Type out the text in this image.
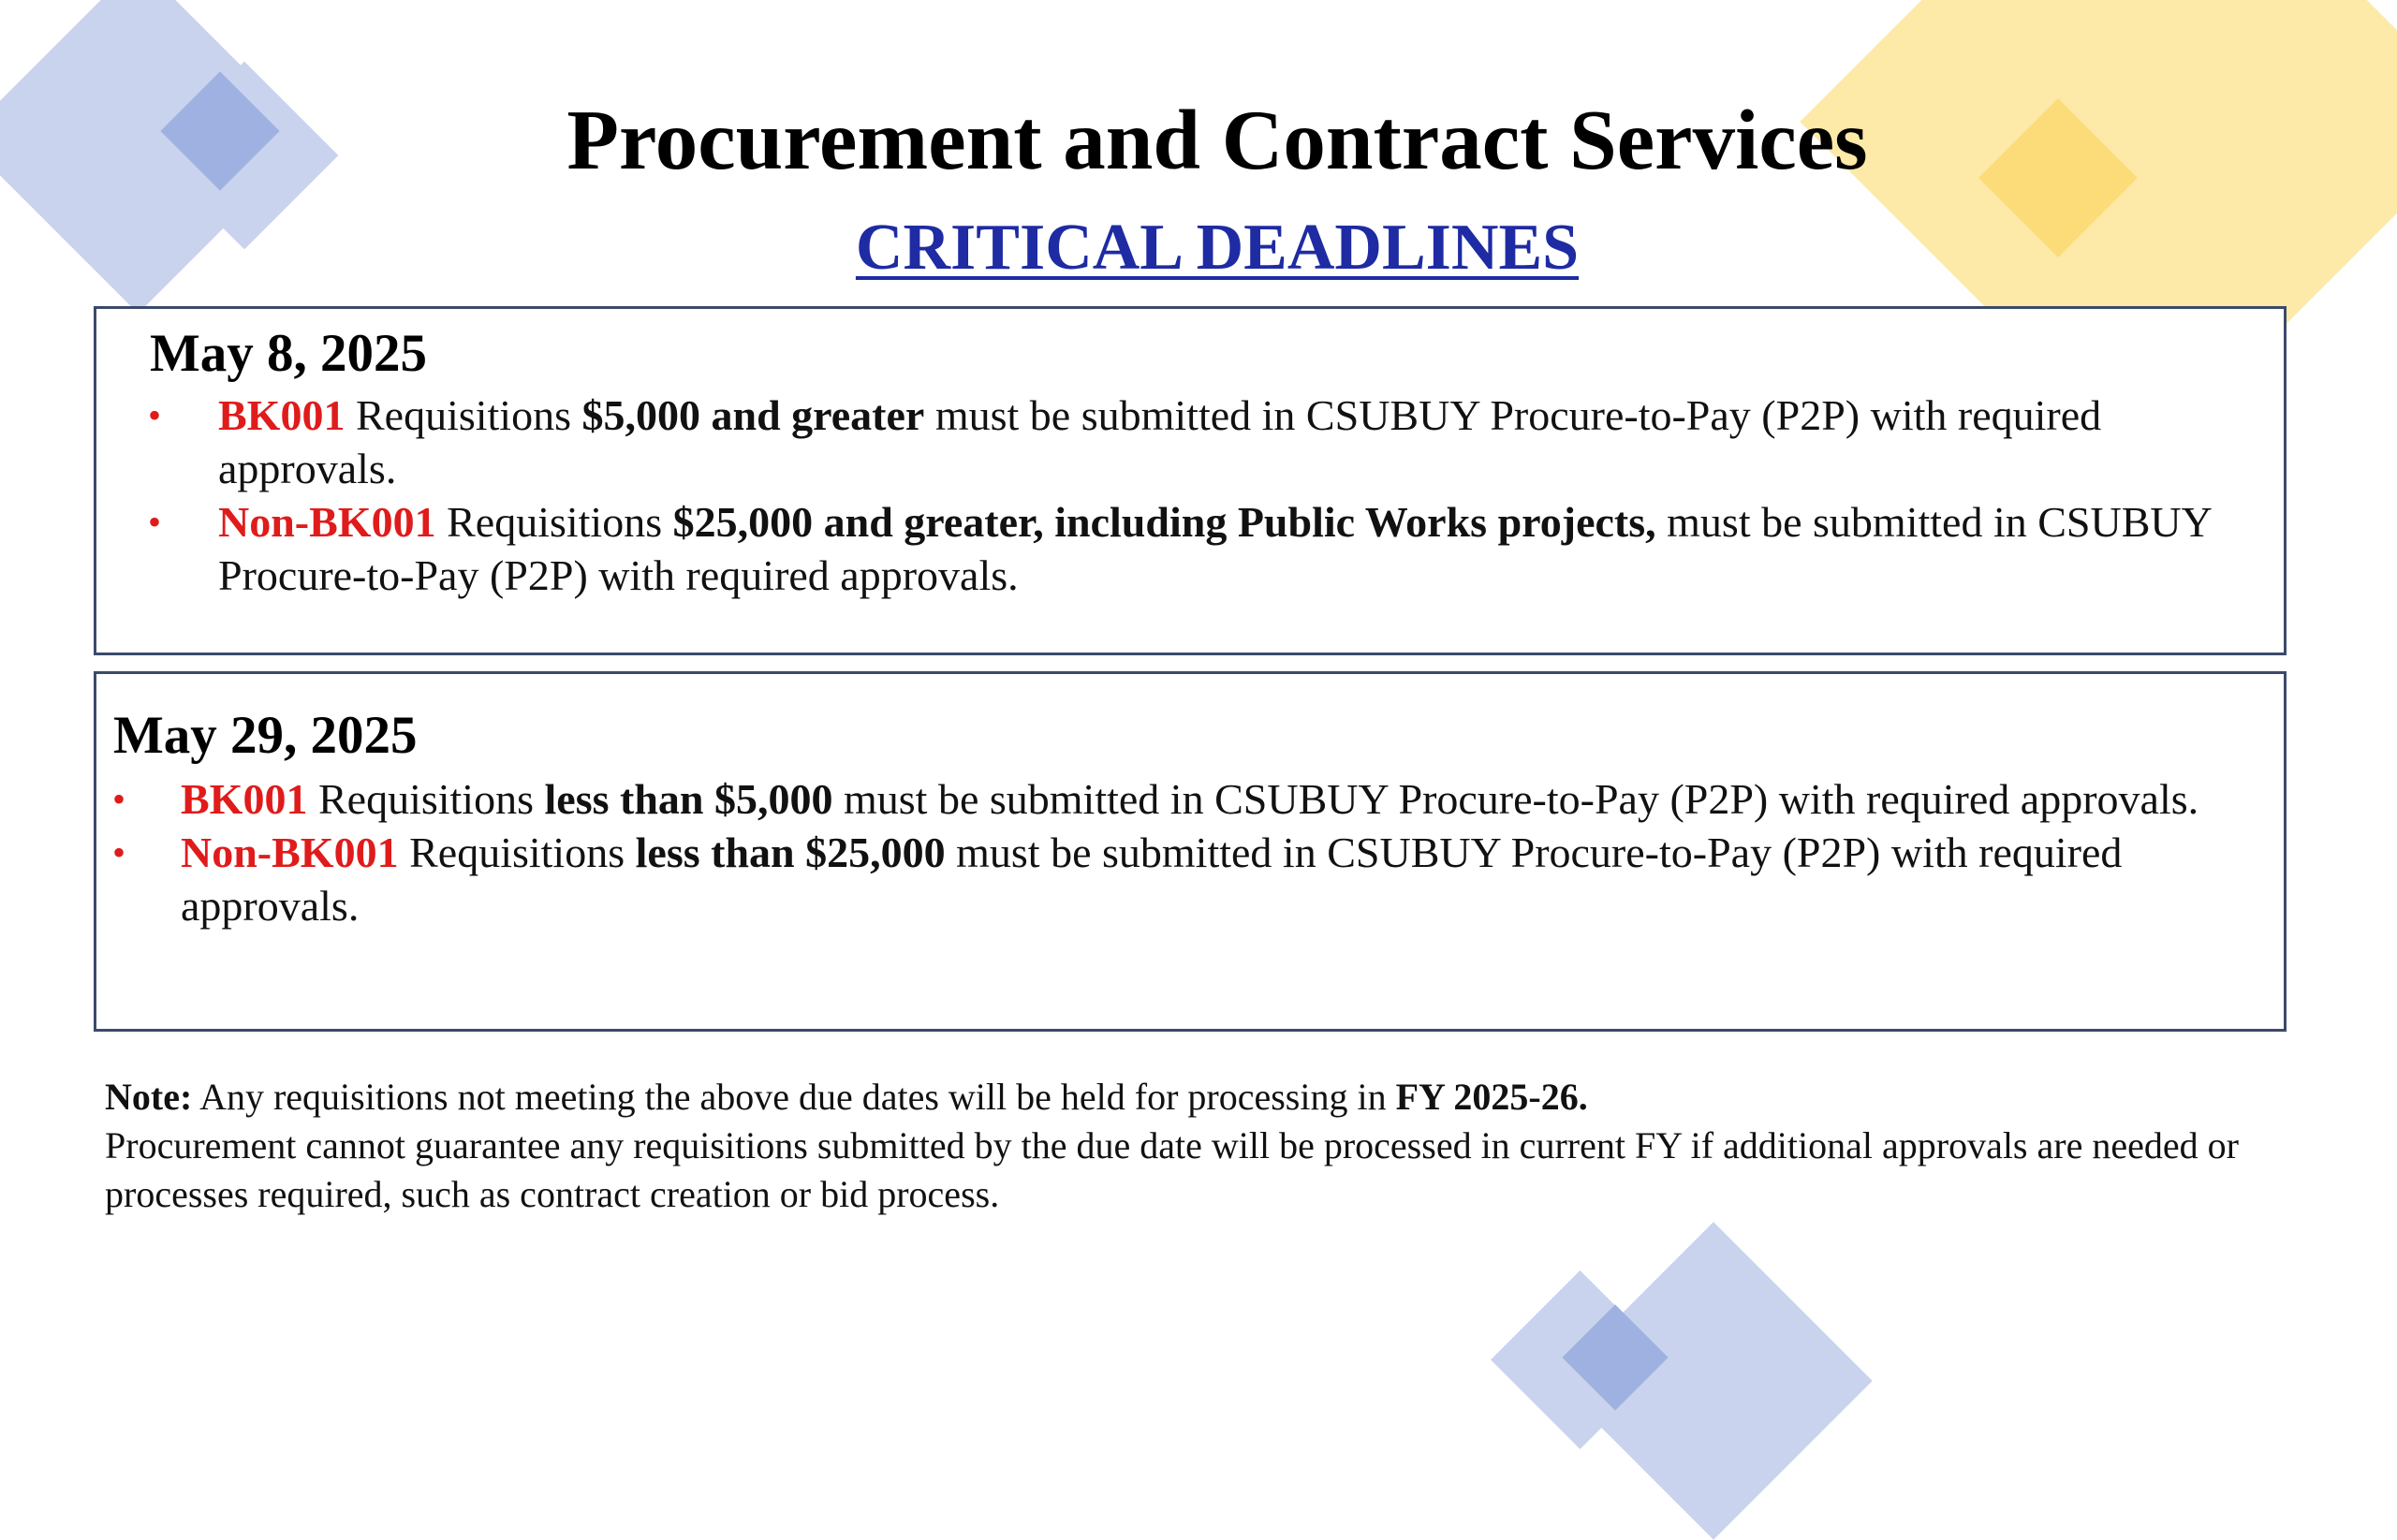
Procurement and Contract Services
CRITICAL DEADLINES
May 8, 2025
• BK001 Requisitions $5,000 and greater must be submitted in CSUBUY Procure-to-Pay (P2P) with required approvals.
• Non-BK001 Requisitions $25,000 and greater, including Public Works projects, must be submitted in CSUBUY Procure-to-Pay (P2P) with required approvals.
May 29, 2025
• BK001 Requisitions less than $5,000 must be submitted in CSUBUY Procure-to-Pay (P2P) with required approvals.
• Non-BK001 Requisitions less than $25,000 must be submitted in CSUBUY Procure-to-Pay (P2P) with required approvals.

Note: Any requisitions not meeting the above due dates will be held for processing in FY 2025-26.

Procurement cannot guarantee any requisitions submitted by the due date will be processed in current FY if additional approvals are needed or processes required, such as contract creation or bid process.
